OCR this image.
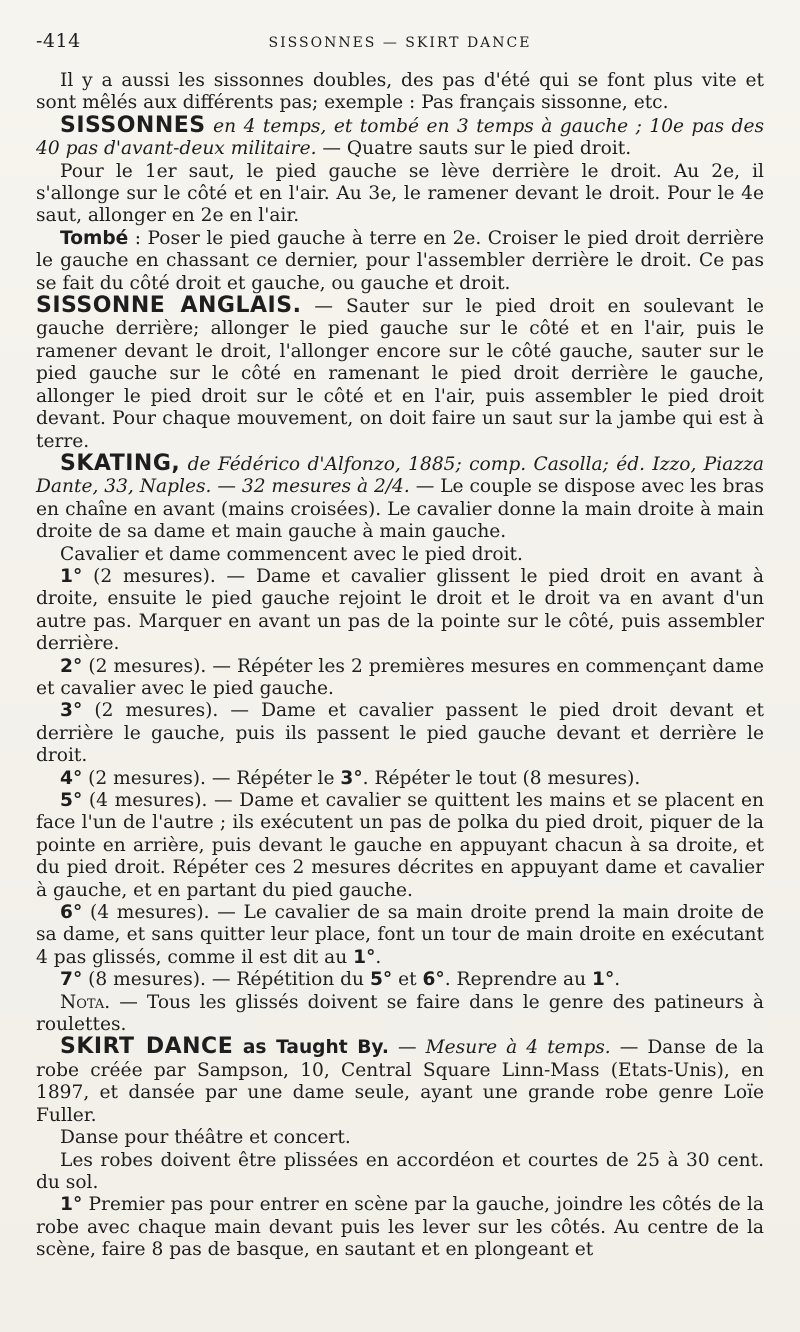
-414	SISSONNES — SKIRT DANCE

Il y a aussi les sissonnes doubles, des pas d'été qui se font plus vite et sont mêlés aux différents pas; exemple : Pas français sissonne, etc.

SISSONNES en 4 temps, et tombé en 3 temps à gauche ; 10e pas des 40 pas d'avant-deux militaire. — Quatre sauts sur le pied droit.

Pour le 1er saut, le pied gauche se lève derrière le droit. Au 2e, il s'allonge sur le côté et en l'air. Au 3e, le ramener devant le droit. Pour le 4e saut, allonger en 2e en l'air.

Tombé : Poser le pied gauche à terre en 2e. Croiser le pied droit derrière le gauche en chassant ce dernier, pour l'assembler derrière le droit. Ce pas se fait du côté droit et gauche, ou gauche et droit.

SISSONNE ANGLAIS. — Sauter sur le pied droit en soulevant le gauche derrière; allonger le pied gauche sur le côté et en l'air, puis le ramener devant le droit, l'allonger encore sur le côté gauche, sauter sur le pied gauche sur le côté en ramenant le pied droit derrière le gauche, allonger le pied droit sur le côté et en l'air, puis assembler le pied droit devant. Pour chaque mouvement, on doit faire un saut sur la jambe qui est à terre.

SKATING, de Fédérico d'Alfonzo, 1885; comp. Casolla; éd. Izzo, Piazza Dante, 33, Naples. — 32 mesures à 2/4. — Le couple se dispose avec les bras en chaîne en avant (mains croisées). Le cavalier donne la main droite à main droite de sa dame et main gauche à main gauche.

Cavalier et dame commencent avec le pied droit.

1° (2 mesures). — Dame et cavalier glissent le pied droit en avant à droite, ensuite le pied gauche rejoint le droit et le droit va en avant d'un autre pas. Marquer en avant un pas de la pointe sur le côté, puis assembler derrière.

2° (2 mesures). — Répéter les 2 premières mesures en commençant dame et cavalier avec le pied gauche.

3° (2 mesures). — Dame et cavalier passent le pied droit devant et derrière le gauche, puis ils passent le pied gauche devant et derrière le droit.

4° (2 mesures). — Répéter le 3°. Répéter le tout (8 mesures).

5° (4 mesures). — Dame et cavalier se quittent les mains et se placent en face l'un de l'autre ; ils exécutent un pas de polka du pied droit, piquer de la pointe en arrière, puis devant le gauche en appuyant chacun à sa droite, et du pied droit. Répéter ces 2 mesures décrites en appuyant dame et cavalier à gauche, et en partant du pied gauche.

6° (4 mesures). — Le cavalier de sa main droite prend la main droite de sa dame, et sans quitter leur place, font un tour de main droite en exécutant 4 pas glissés, comme il est dit au 1°.

7° (8 mesures). — Répétition du 5° et 6°. Reprendre au 1°.

Nota. — Tous les glissés doivent se faire dans le genre des patineurs à roulettes.

SKIRT DANCE as Taught By. — Mesure à 4 temps. — Danse de la robe créée par Sampson, 10, Central Square Linn-Mass (Etats-Unis), en 1897, et dansée par une dame seule, ayant une grande robe genre Loïe Fuller.

Danse pour théâtre et concert.

Les robes doivent être plissées en accordéon et courtes de 25 à 30 cent. du sol.

1° Premier pas pour entrer en scène par la gauche, joindre les côtés de la robe avec chaque main devant puis les lever sur les côtés. Au centre de la scène, faire 8 pas de basque, en sautant et en plongeant et
